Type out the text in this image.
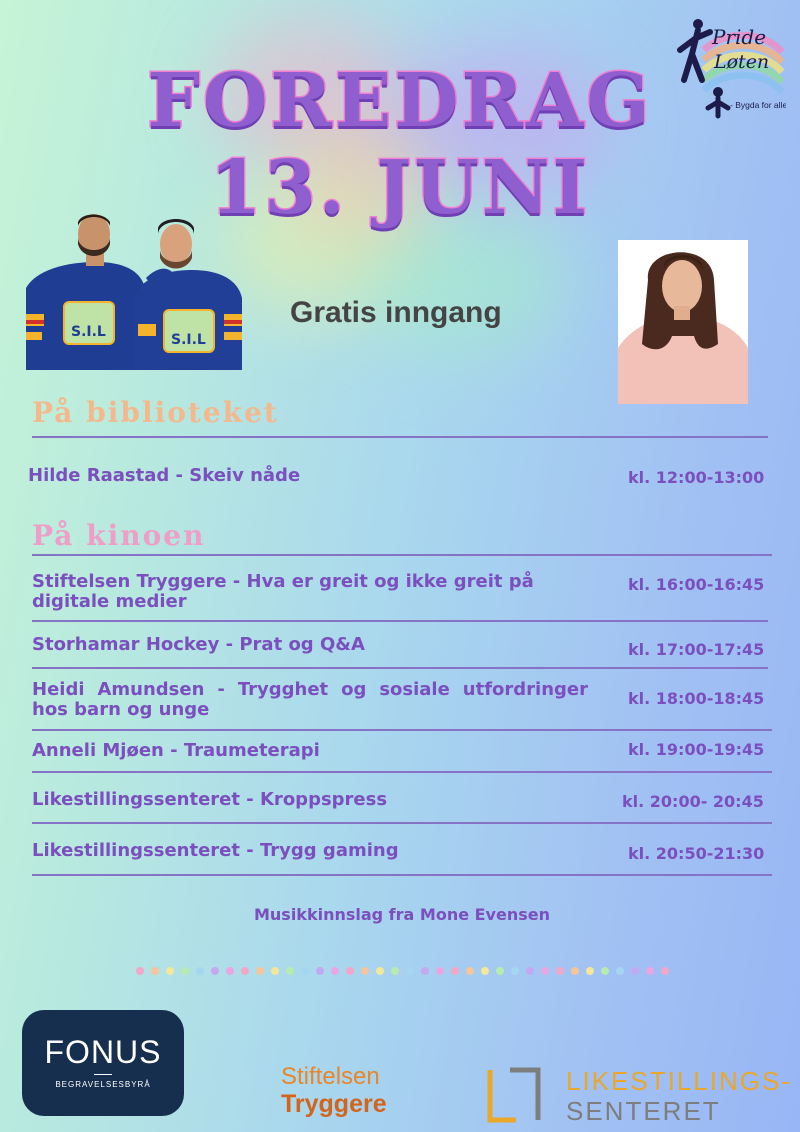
FOREDRAG
13. JUNI
Pride
Løten
- Bygda for alle
S.I.L	S.I.L
Gratis inngang
På biblioteket
Hilde Raastad - Skeiv nåde	kl. 12:00-13:00
På kinoen
Stiftelsen Tryggere - Hva er greit og ikke greit på digitale medier
kl. 16:00-16:45
Storhamar Hockey - Prat og Q&A	kl. 17:00-17:45
Heidi Amundsen - Trygghet og sosiale utfordringer hos barn og unge
kl. 18:00-18:45
Anneli Mjøen - Traumeterapi	kl. 19:00-19:45
Likestillingssenteret - Kroppspress	kl. 20:00- 20:45
Likestillingssenteret - Trygg gaming	kl. 20:50-21:30
Musikkinnslag fra Mone Evensen
FONUS
BEGRAVELSESBYRÅ	Stiftelsen
Tryggere
LIKESTILLINGS-
SENTERET
